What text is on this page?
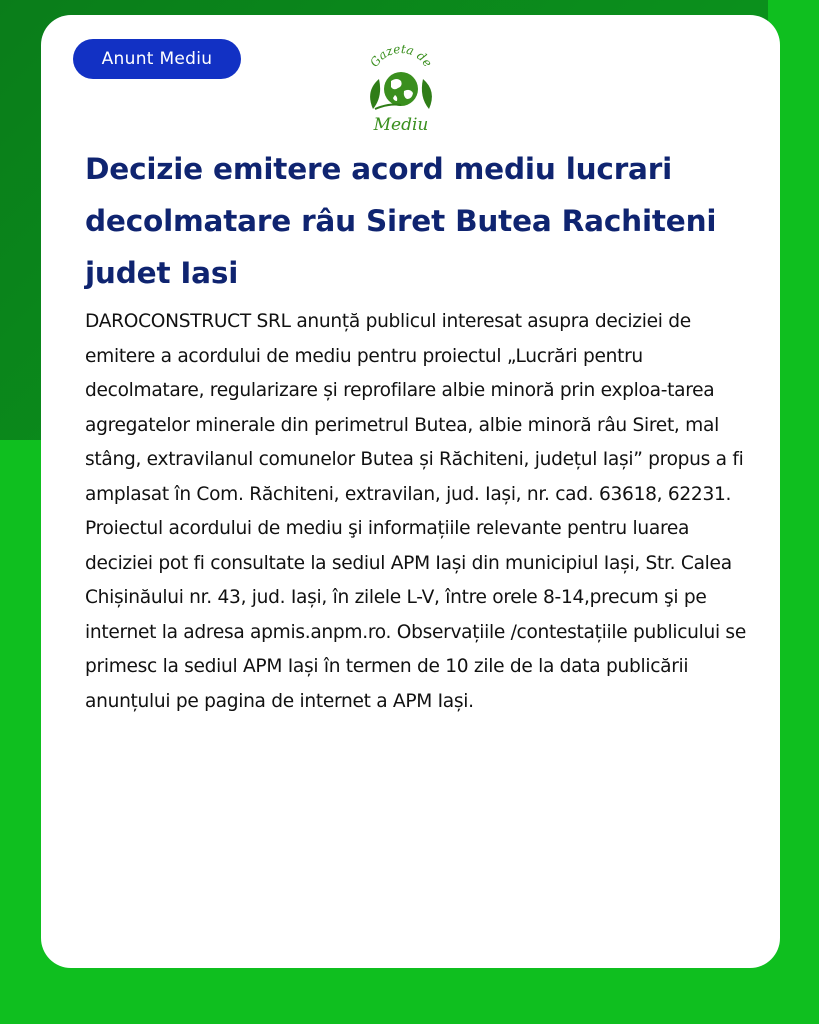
Anunt Mediu	Gazeta de
Mediu
Decizie emitere acord mediu lucrari decolmatare râu Siret Butea Rachiteni judet Iasi

DAROCONSTRUCT SRL anunță publicul interesat asupra deciziei de emitere a acordului de mediu pentru proiectul „Lucrări pentru decolmatare, regularizare și reprofilare albie minoră prin exploa-tarea agregatelor minerale din perimetrul Butea, albie minoră râu Siret, mal stâng, extravilanul comunelor Butea și Răchiteni, județul Iași” propus a fi amplasat în Com. Răchiteni, extravilan, jud. Iași, nr. cad. 63618, 62231. Proiectul acordului de mediu şi informațiile relevante pentru luarea deciziei pot fi consultate la sediul APM Iași din municipiul Iași, Str. Calea Chișinăului nr. 43, jud. Iași, în zilele L-V, între orele 8-14,precum şi pe internet la adresa apmis.anpm.ro. Observațiile /contestațiile publicului se primesc la sediul APM Iași în termen de 10 zile de la data publicării anunțului pe pagina de internet a APM Iași.
